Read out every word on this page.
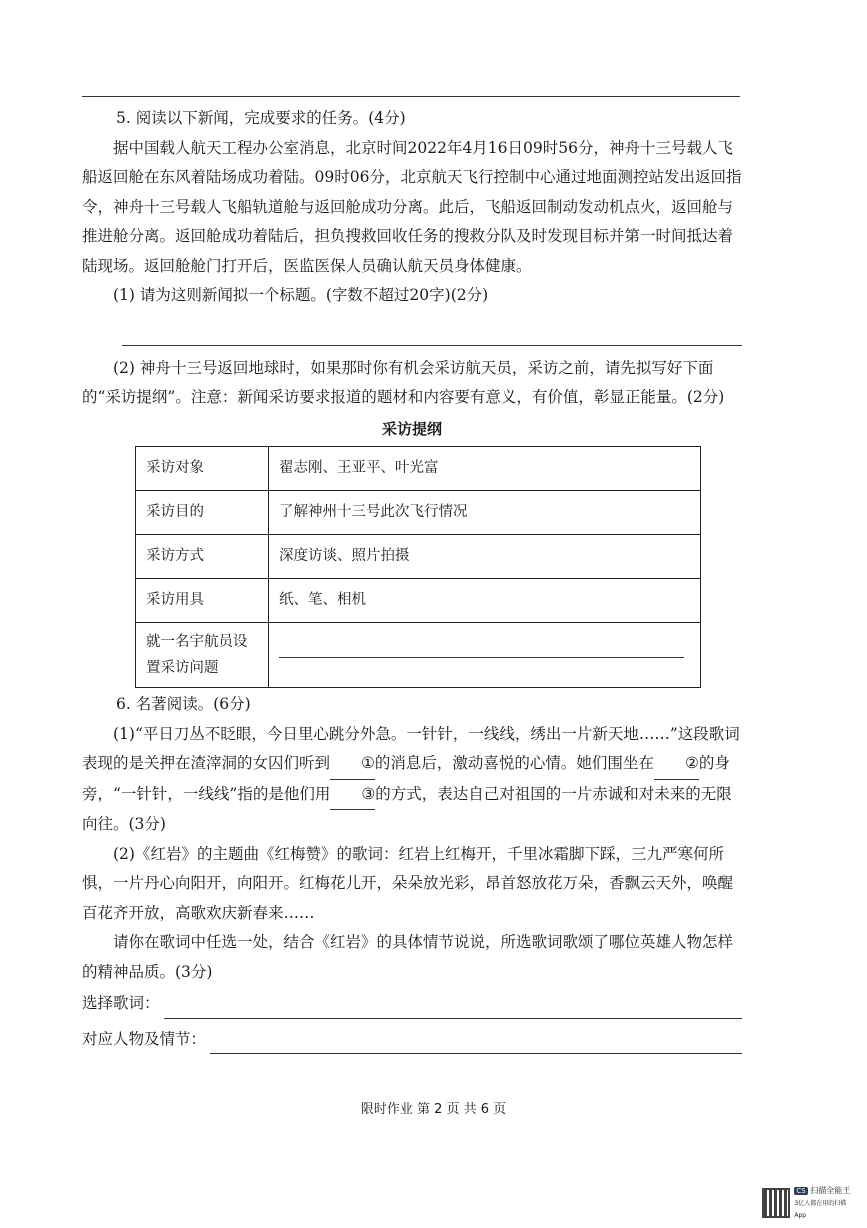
5. 阅读以下新闻，完成要求的任务。(4分)

据中国载人航天工程办公室消息，北京时间2022年4月16日09时56分，神舟十三号载人飞船返回舱在东风着陆场成功着陆。09时06分，北京航天飞行控制中心通过地面测控站发出返回指令，神舟十三号载人飞船轨道舱与返回舱成功分离。此后，飞船返回制动发动机点火，返回舱与推进舱分离。返回舱成功着陆后，担负搜救回收任务的搜救分队及时发现目标并第一时间抵达着陆现场。返回舱舱门打开后，医监医保人员确认航天员身体健康。

(1) 请为这则新闻拟一个标题。(字数不超过20字)(2分)

(2) 神舟十三号返回地球时，如果那时你有机会采访航天员，采访之前，请先拟写好下面的“采访提纲”。注意：新闻采访要求报道的题材和内容要有意义，有价值，彰显正能量。(2分)

采访提纲
采访对象	翟志刚、王亚平、叶光富
采访目的	了解神州十三号此次飞行情况
采访方式	深度访谈、照片拍摄
采访用具	纸、笔、相机
就一名宇航员设置采访问题	

6. 名著阅读。(6分)

(1)“平日刀丛不眨眼，今日里心跳分外急。一针针，一线线，绣出一片新天地……”这段歌词表现的是关押在渣滓洞的女囚们听到 ①的消息后，激动喜悦的心情。她们围坐在 ②的身旁，“一针针，一线线”指的是他们用 ③的方式，表达自己对祖国的一片赤诚和对未来的无限向往。(3分)

(2)《红岩》的主题曲《红梅赞》的歌词：红岩上红梅开，千里冰霜脚下踩，三九严寒何所惧，一片丹心向阳开，向阳开。红梅花儿开，朵朵放光彩，昂首怒放花万朵，香飘云天外，唤醒百花齐开放，高歌欢庆新春来……

请你在歌词中任选一处，结合《红岩》的具体情节说说，所选歌词歌颂了哪位英雄人物怎样的精神品质。(3分)

选择歌词：
对应人物及情节：
限时作业 第 2 页 共 6 页
CS 扫描全能王
3亿人都在用的扫描App
